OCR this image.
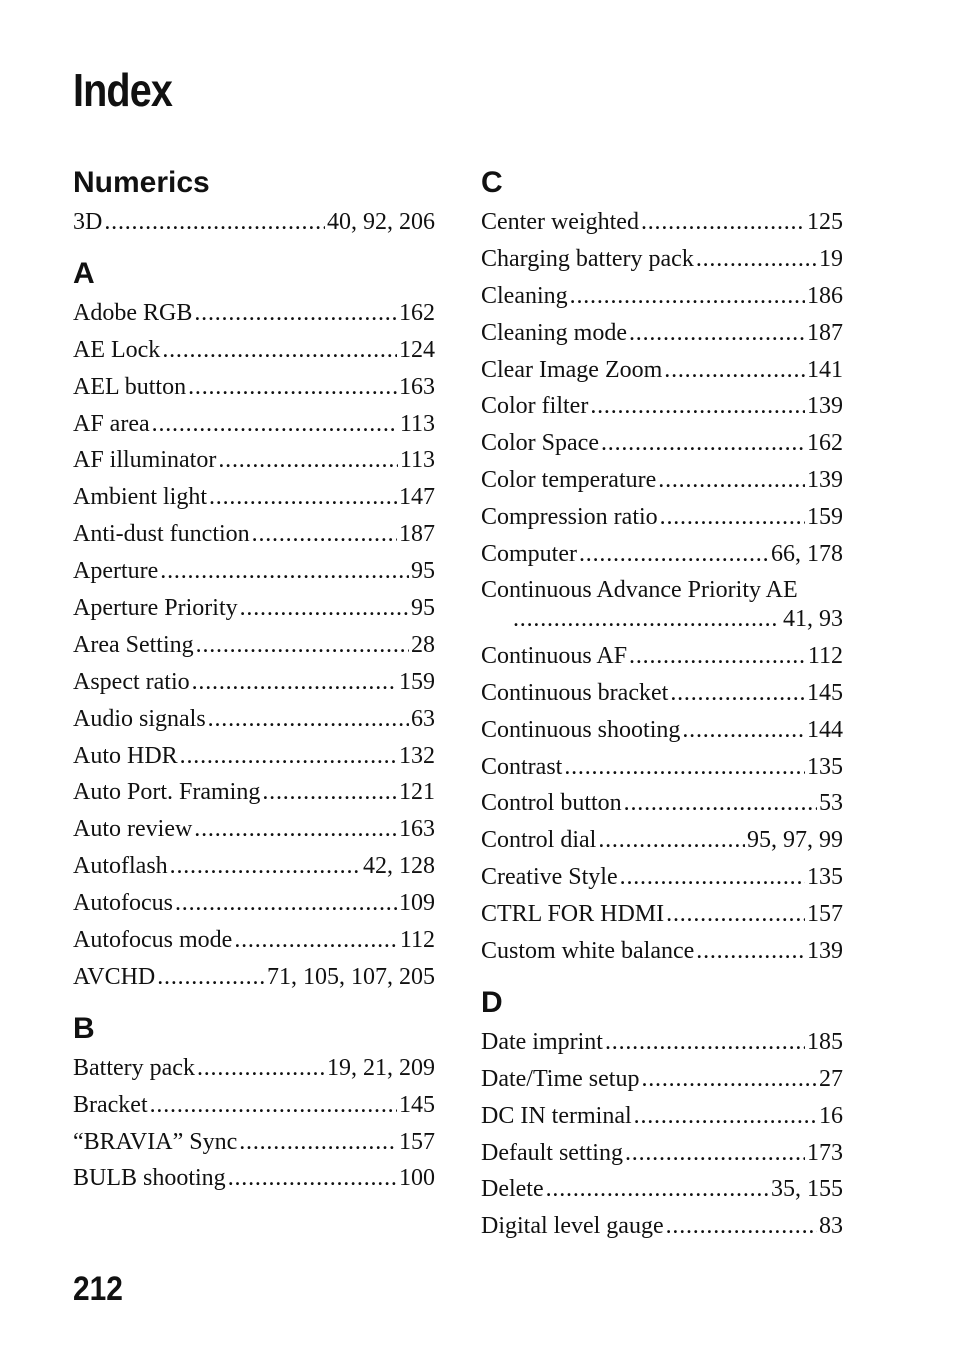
Index
Numerics
3D . . .	40, 92, 206
A
Adobe RGB . . .	162
AE Lock . . .	124
AEL button . . .	163
AF area . . .	113
AF illuminator . . .	113
Ambient light . . .	147
Anti-dust function . . .	187
Aperture . . .	95
Aperture Priority . . .	95
Area Setting . . .	28
Aspect ratio . . .	159
Audio signals . . .	63
Auto HDR . . .	132
Auto Port. Framing . . .	121
Auto review . . .	163
Autoflash . . .	42, 128
Autofocus . . .	109
Autofocus mode . . .	112
AVCHD . . .	71, 105, 107, 205
B
Battery pack . . .	19, 21, 209
Bracket . . .	145
“BRAVIA” Sync . . .	157
BULB shooting . . .	100
C
Center weighted . . .	125
Charging battery pack . . .	19
Cleaning . . .	186
Cleaning mode . . .	187
Clear Image Zoom . . .	141
Color filter . . .	139
Color Space . . .	162
Color temperature . . .	139
Compression ratio . . .	159
Computer . . .	66, 178
Continuous Advance Priority AE
. . .
41, 93
Continuous AF . . .	112
Continuous bracket . . .	145
Continuous shooting . . .	144
Contrast . . .	135
Control button . . .	53
Control dial . . .	95, 97, 99
Creative Style . . .	135
CTRL FOR HDMI . . .	157
Custom white balance . . .	139
D
Date imprint . . .	185
Date/Time setup . . .	27
DC IN terminal . . .	16
Default setting . . .	173
Delete . . .	35, 155
Digital level gauge . . .	83
212
